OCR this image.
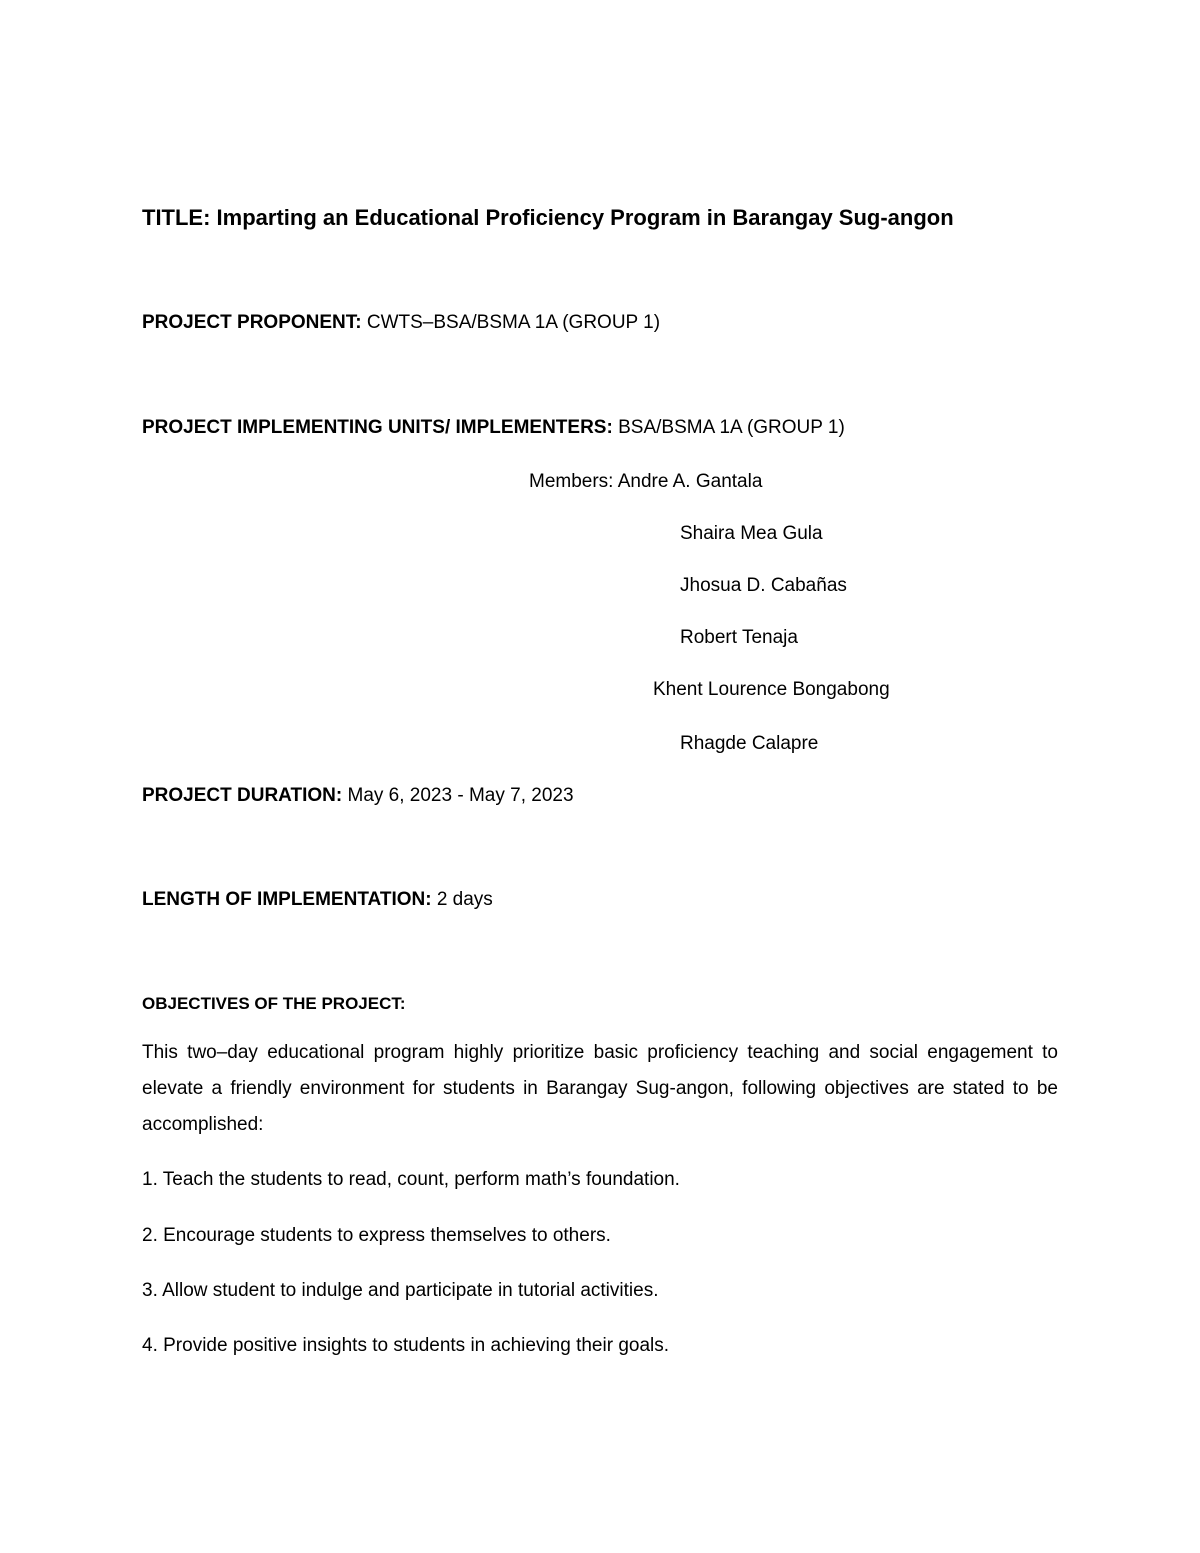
TITLE: Imparting an Educational Proficiency Program in Barangay Sug-angon
PROJECT PROPONENT: CWTS–BSA/BSMA 1A (GROUP 1)
PROJECT IMPLEMENTING UNITS/ IMPLEMENTERS: BSA/BSMA 1A (GROUP 1)
Members: Andre A. Gantala
Shaira Mea Gula
Jhosua D. Cabañas
Robert Tenaja
Khent Lourence Bongabong
Rhagde Calapre
PROJECT DURATION: May 6, 2023 - May 7, 2023
LENGTH OF IMPLEMENTATION: 2 days
OBJECTIVES OF THE PROJECT:
This two–day educational program highly prioritize basic proficiency teaching and social engagement to elevate a friendly environment for students in Barangay Sug-angon, following objectives are stated to be accomplished:
1. Teach the students to read, count, perform math’s foundation.
2. Encourage students to express themselves to others.
3. Allow student to indulge and participate in tutorial activities.
4. Provide positive insights to students in achieving their goals.
